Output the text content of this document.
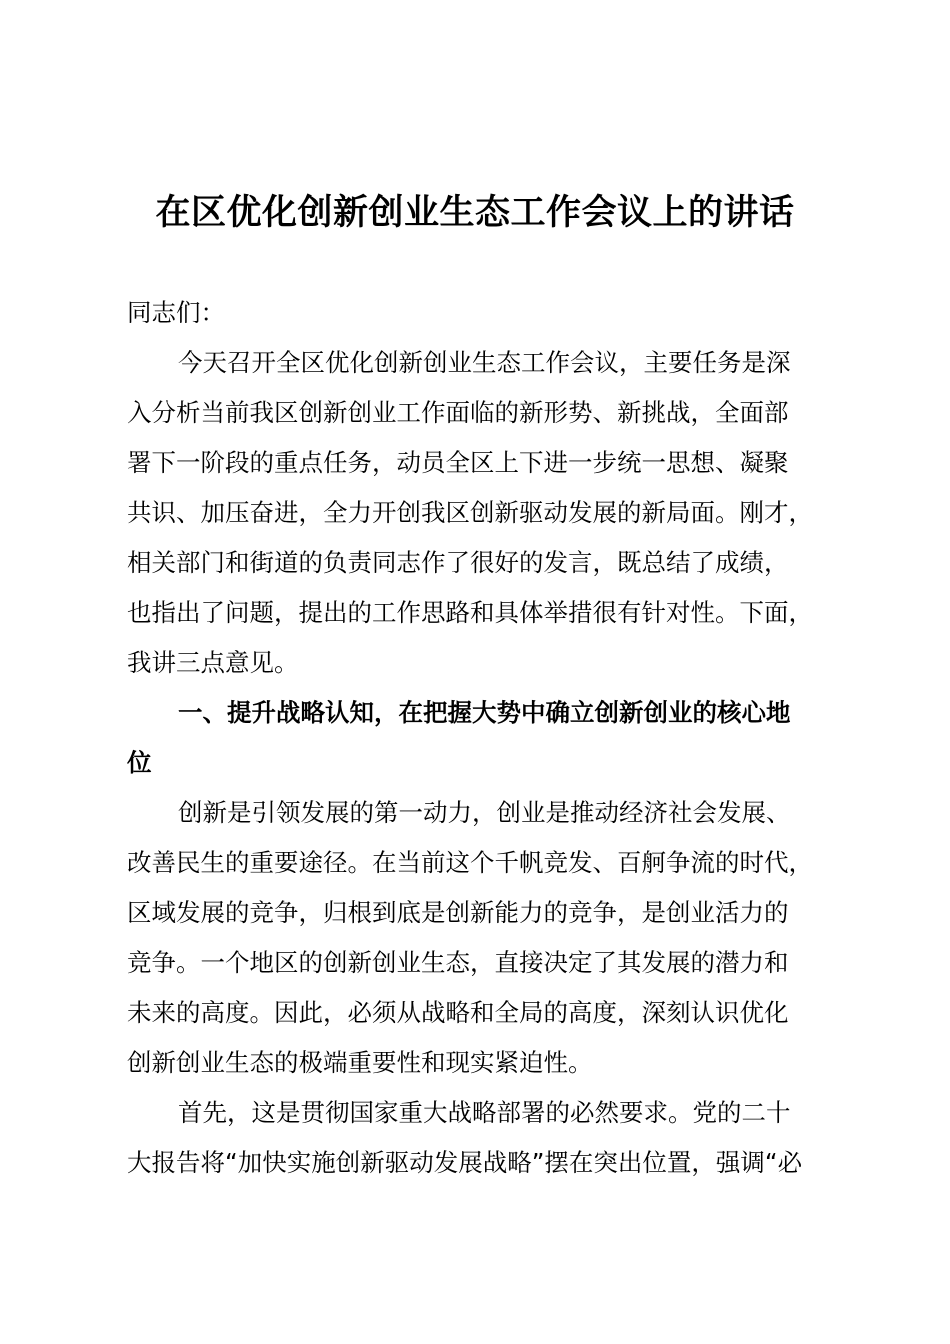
在区优化创新创业生态工作会议上的讲话
同志们：
今天召开全区优化创新创业生态工作会议，主要任务是深
入分析当前我区创新创业工作面临的新形势、新挑战，全面部
署下一阶段的重点任务，动员全区上下进一步统一思想、凝聚
共识、加压奋进，全力开创我区创新驱动发展的新局面。刚才，
相关部门和街道的负责同志作了很好的发言，既总结了成绩，
也指出了问题，提出的工作思路和具体举措很有针对性。下面，
我讲三点意见。
一、提升战略认知，在把握大势中确立创新创业的核心地
位
创新是引领发展的第一动力，创业是推动经济社会发展、
改善民生的重要途径。在当前这个千帆竞发、百舸争流的时代，
区域发展的竞争，归根到底是创新能力的竞争，是创业活力的
竞争。一个地区的创新创业生态，直接决定了其发展的潜力和
未来的高度。因此，必须从战略和全局的高度，深刻认识优化
创新创业生态的极端重要性和现实紧迫性。
首先，这是贯彻国家重大战略部署的必然要求。党的二十
大报告将“加快实施创新驱动发展战略”摆在突出位置，强调“必
